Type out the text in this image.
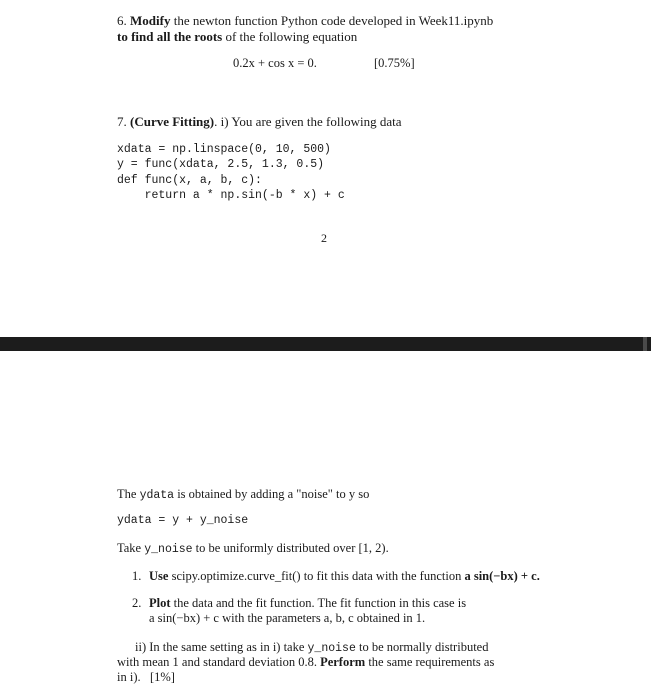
6. Modify the newton function Python code developed in Week11.ipynb
to find all the roots of the following equation
0.2x + cos x = 0.	[0.75%]
7. (Curve Fitting). i) You are given the following data
xdata = np.linspace(0, 10, 500)
y = func(xdata, 2.5, 1.3, 0.5)
def func(x, a, b, c):
return a * np.sin(-b * x) + c
2
The ydata is obtained by adding a "noise" to y so
ydata = y + y_noise
Take y_noise to be uniformly distributed over [1, 2).
1. Use scipy.optimize.curve_fit() to fit this data with the function a sin(−bx) + c.
2. Plot the data and the fit function. The fit function in this case is
a sin(−bx) + c with the parameters a, b, c obtained in 1.
ii) In the same setting as in i) take y_noise to be normally distributed
with mean 1 and standard deviation 0.8. Perform the same requirements as
in i). [1%]
